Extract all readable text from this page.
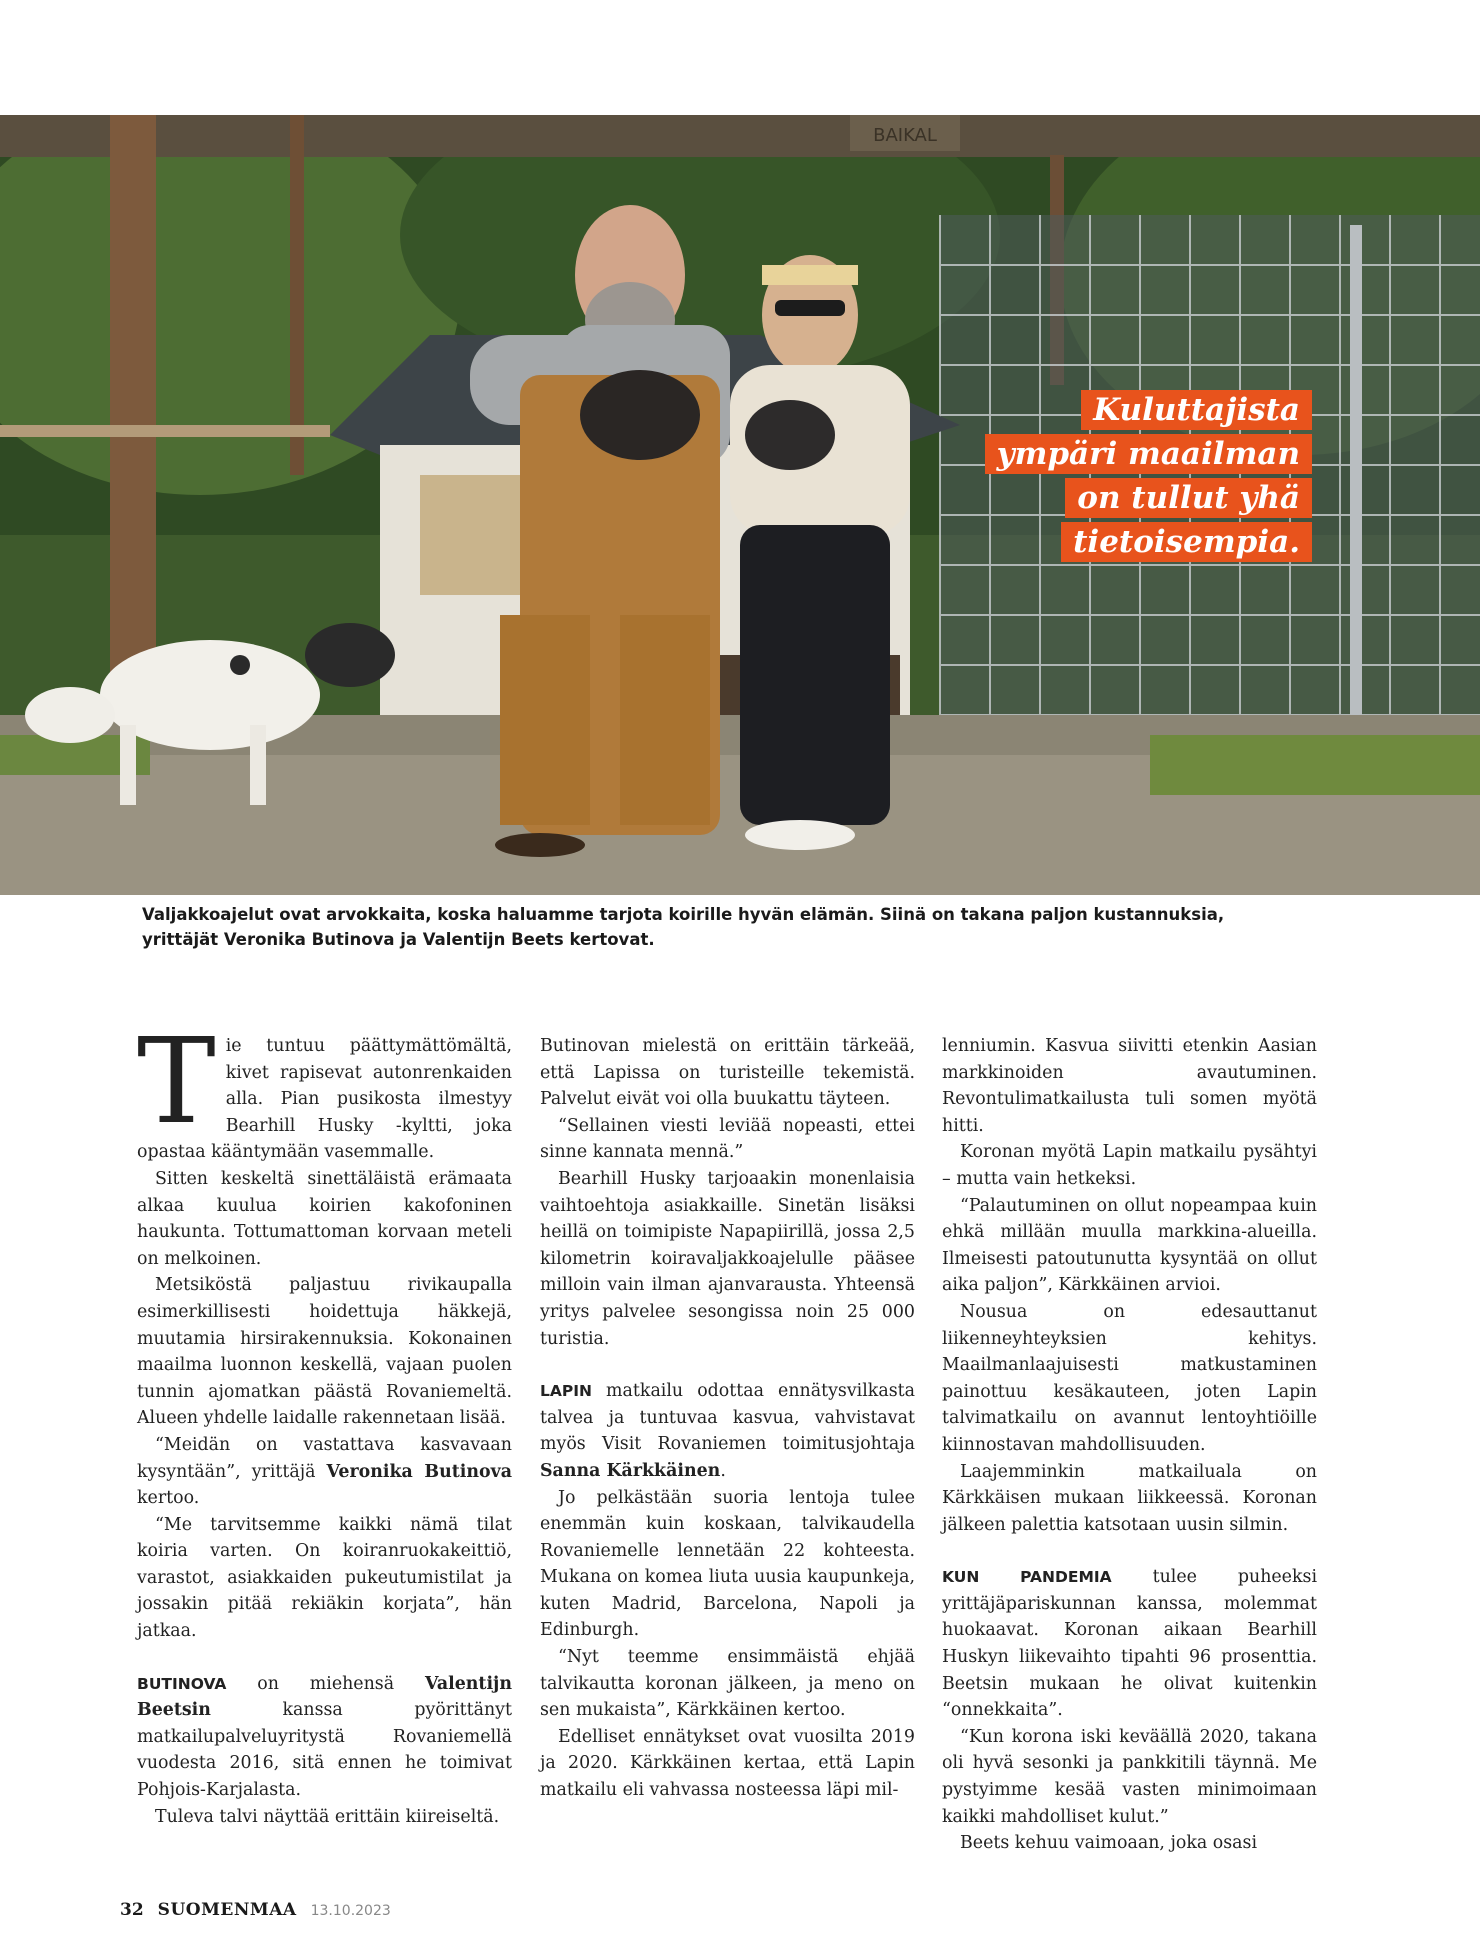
BAIKAL
Kuluttajista
ympäri maailman
on tullut yhä
tietoisempia.
Valjakkoajelut ovat arvokkaita, koska haluamme tarjota koirille hyvän elämän. Siinä on takana paljon kustannuksia,
yrittäjät Veronika Butinova ja Valentijn Beets kertovat.

Tie tuntuu päättymättömältä, kivet rapisevat autonrenkaiden alla. Pian pusikosta ilmestyy Bearhill Husky -kyltti, joka opastaa kääntymään vasemmalle.

Sitten keskeltä sinettäläistä erämaata alkaa kuulua koirien kakofoninen haukunta. Tottumattoman korvaan meteli on melkoinen.

Metsiköstä paljastuu rivikaupalla esimerkillisesti hoidettuja häkkejä, muutamia hirsirakennuksia. Kokonainen maailma luonnon keskellä, vajaan puolen tunnin ajomatkan päästä Rovaniemeltä. Alueen yhdelle laidalle rakennetaan lisää.

“Meidän on vastattava kasvavaan kysyntään”, yrittäjä Veronika Butinova kertoo.

“Me tarvitsemme kaikki nämä tilat koiria varten. On koiranruokakeittiö, varastot, asiakkaiden pukeutumistilat ja jossakin pitää rekiäkin korjata”, hän jatkaa.

BUTINOVA on miehensä Valentijn Beetsin kanssa pyörittänyt matkailupalveluyritystä Rovaniemellä vuodesta 2016, sitä ennen he toimivat Pohjois-Karjalasta.

Tuleva talvi näyttää erittäin kiireiseltä.

Butinovan mielestä on erittäin tärkeää, että Lapissa on turisteille tekemistä. Palvelut eivät voi olla buukattu täyteen.

“Sellainen viesti leviää nopeasti, ettei sinne kannata mennä.”

Bearhill Husky tarjoaakin monenlaisia vaihtoehtoja asiakkaille. Sinetän lisäksi heillä on toimipiste Napapiirillä, jossa 2,5 kilometrin koiravaljakkoajelulle pääsee milloin vain ilman ajanvarausta. Yhteensä yritys palvelee sesongissa noin 25 000 turistia.

LAPIN matkailu odottaa ennätysvilkasta talvea ja tuntuvaa kasvua, vahvistavat myös Visit Rovaniemen toimitusjohtaja Sanna Kärkkäinen.

Jo pelkästään suoria lentoja tulee enemmän kuin koskaan, talvikaudella Rovaniemelle lennetään 22 kohteesta. Mukana on komea liuta uusia kaupunkeja, kuten Madrid, Barcelona, Napoli ja Edinburgh.

“Nyt teemme ensimmäistä ehjää talvikautta koronan jälkeen, ja meno on sen mukaista”, Kärkkäinen kertoo.

Edelliset ennätykset ovat vuosilta 2019 ja 2020. Kärkkäinen kertaa, että Lapin matkailu eli vahvassa nosteessa läpi mil-

lenniumin. Kasvua siivitti etenkin Aasian markkinoiden avautuminen. Revontulimatkailusta tuli somen myötä hitti.

Koronan myötä Lapin matkailu pysähtyi – mutta vain hetkeksi.

“Palautuminen on ollut nopeampaa kuin ehkä millään muulla markkina-alueilla. Ilmeisesti patoutunutta kysyntää on ollut aika paljon”, Kärkkäinen arvioi.

Nousua on edesauttanut liikenneyhteyksien kehitys. Maailmanlaajuisesti matkustaminen painottuu kesäkauteen, joten Lapin talvimatkailu on avannut lentoyhtiöille kiinnostavan mahdollisuuden.

Laajemminkin matkailuala on Kärkkäisen mukaan liikkeessä. Koronan jälkeen palettia katsotaan uusin silmin.

KUN PANDEMIA tulee puheeksi yrittäjäpariskunnan kanssa, molemmat huokaavat. Koronan aikaan Bearhill Huskyn liikevaihto tipahti 96 prosenttia. Beetsin mukaan he olivat kuitenkin “onnekkaita”.

“Kun korona iski keväällä 2020, takana oli hyvä sesonki ja pankkitili täynnä. Me pystyimme kesää vasten minimoimaan kaikki mahdolliset kulut.”

Beets kehuu vaimoaan, joka osasi

32 SUOMENMAA 13.10.2023
